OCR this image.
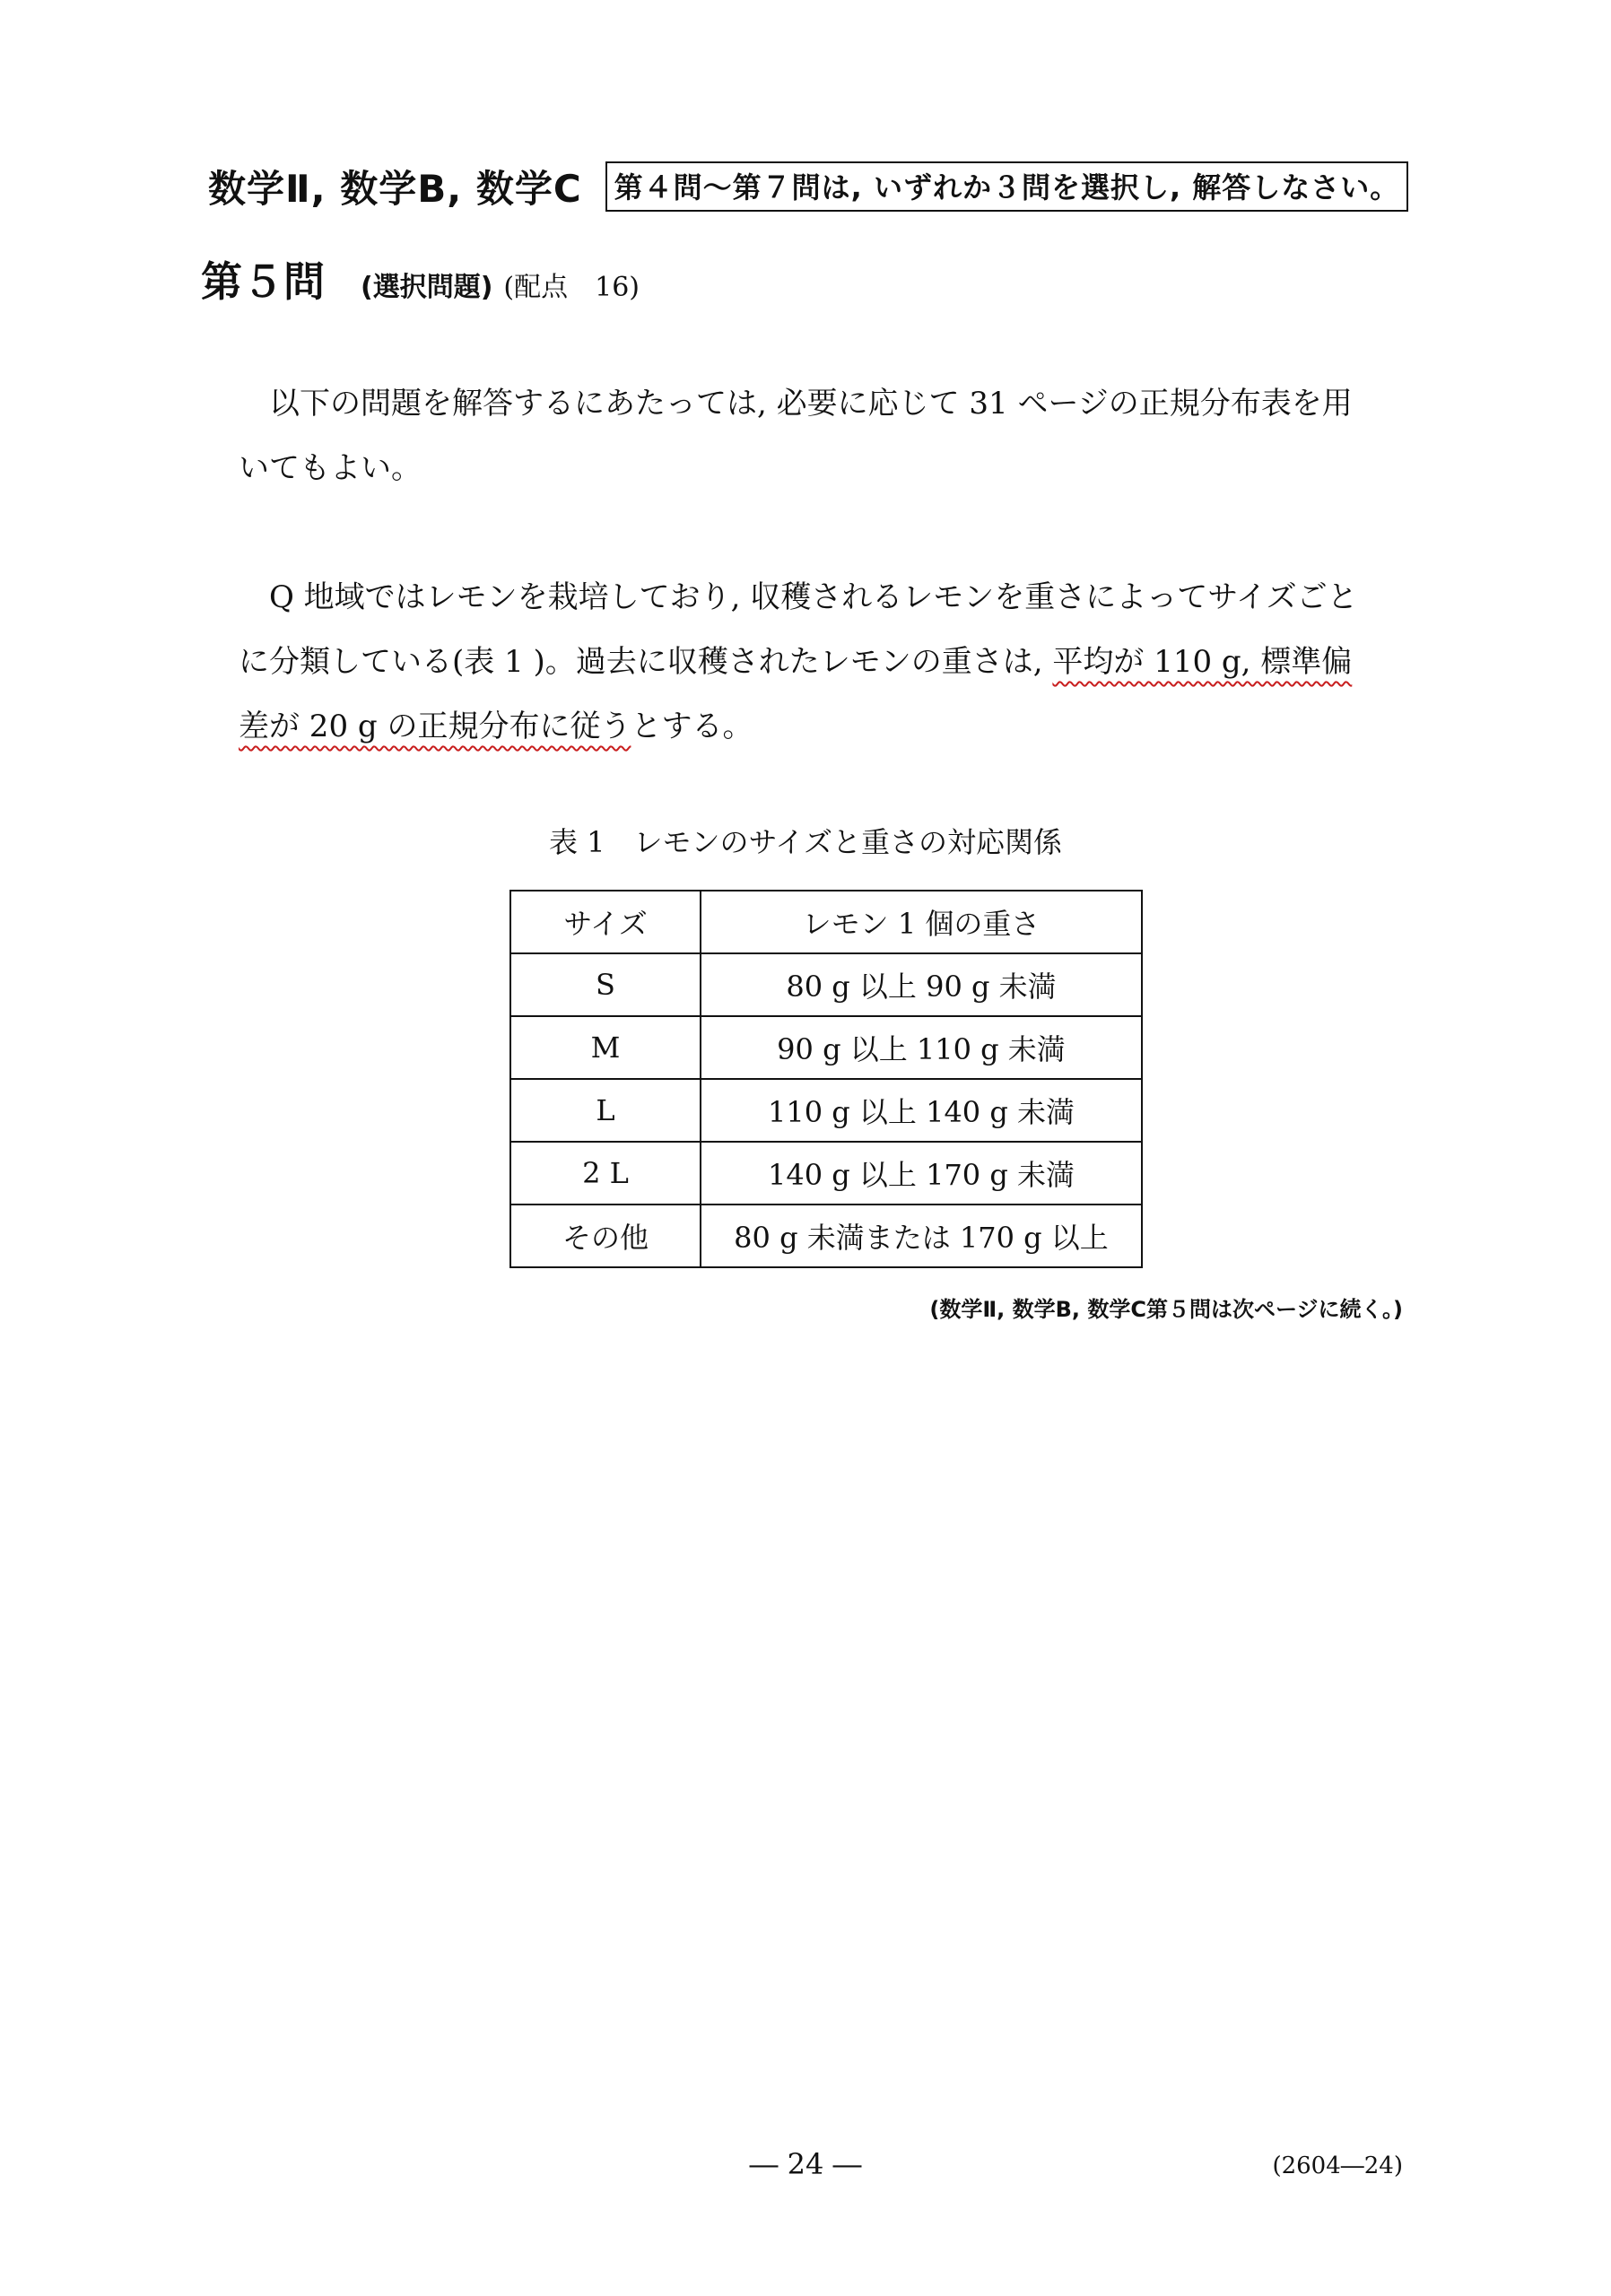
数学Ⅱ, 数学B, 数学C	第４問～第７問は, いずれか３問を選択し, 解答しなさい。
第５問 (選択問題) (配点　16)
以下の問題を解答するにあたっては, 必要に応じて 31 ページの正規分布表を用
いてもよい。
Q 地域ではレモンを栽培しており, 収穫されるレモンを重さによってサイズごと
に分類している(表 1 )。過去に収穫されたレモンの重さは, 平均が 110 g, 標準偏
差が 20 g の正規分布に従うとする。
表 1　レモンのサイズと重さの対応関係
サイズ	レモン 1 個の重さ
S	80 g 以上 90 g 未満
M	90 g 以上 110 g 未満
L	110 g 以上 140 g 未満
2 L	140 g 以上 170 g 未満
その他	80 g 未満または 170 g 以上
(数学Ⅱ, 数学B, 数学C第５問は次ページに続く。)
― 24 ―	(2604―24)
